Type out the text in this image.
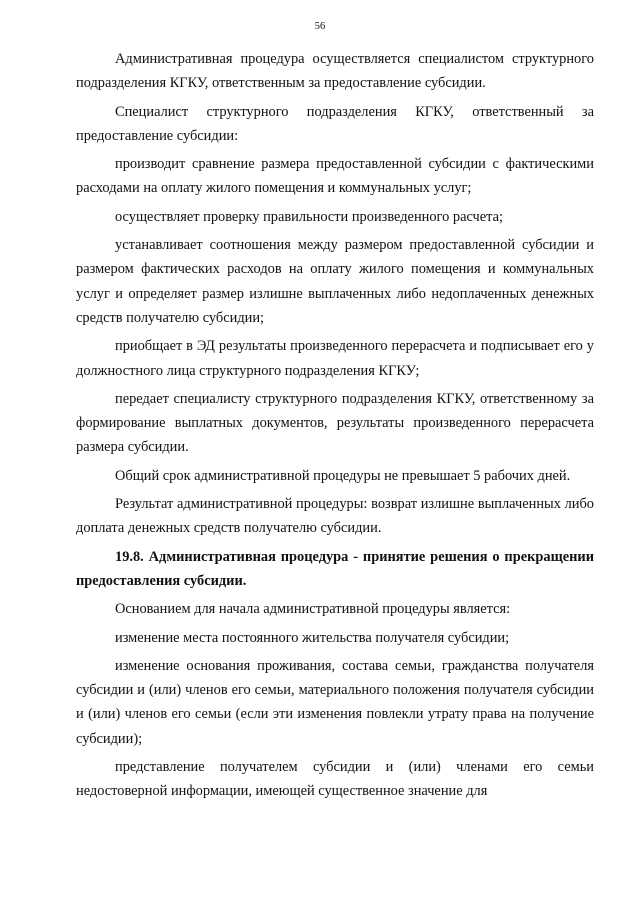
56

Административная процедура осуществляется специалистом структурного подразделения КГКУ, ответственным за предоставление субсидии.

Специалист структурного подразделения КГКУ, ответственный за предоставление субсидии:

производит сравнение размера предоставленной субсидии с фактическими расходами на оплату жилого помещения и коммунальных услуг;

осуществляет проверку правильности произведенного расчета;

устанавливает соотношения между размером предоставленной субсидии и размером фактических расходов на оплату жилого помещения и коммунальных услуг и определяет размер излишне выплаченных либо недоплаченных денежных средств получателю субсидии;

приобщает в ЭД результаты произведенного перерасчета и подписывает его у должностного лица структурного подразделения КГКУ;

передает специалисту структурного подразделения КГКУ, ответственному за формирование выплатных документов, результаты произведенного перерасчета размера субсидии.

Общий срок административной процедуры не превышает 5 рабочих дней.

Результат административной процедуры: возврат излишне выплаченных либо доплата денежных средств получателю субсидии.

19.8. Административная процедура - принятие решения о прекращении предоставления субсидии.

Основанием для начала административной процедуры является:

изменение места постоянного жительства получателя субсидии;

изменение основания проживания, состава семьи, гражданства получателя субсидии и (или) членов его семьи, материального положения получателя субсидии и (или) членов его семьи (если эти изменения повлекли утрату права на получение субсидии);

представление получателем субсидии и (или) членами его семьи недостоверной информации, имеющей существенное значение для
